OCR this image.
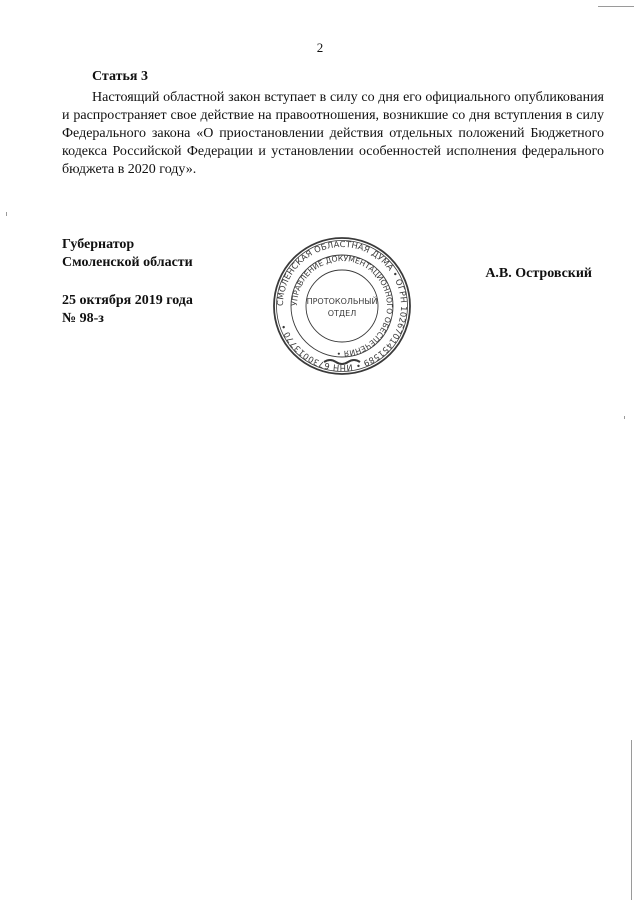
2
Статья 3

Настоящий областной закон вступает в силу со дня его официального опубликования и распространяет свое действие на правоотношения, возникшие со дня вступления в силу Федерального закона «О приостановлении действия отдельных положений Бюджетного кодекса Российской Федерации и установлении особенностей исполнения федерального бюджета в 2020 году».

Губернатор
Смоленской области
25 октября 2019 года
№ 98-з
А.В. Островский
СМОЛЕНСКАЯ ОБЛАСТНАЯ ДУМА • ОГРН 1026701451589 • ИНН 6730013770 •
УПРАВЛЕНИЕ ДОКУМЕНТАЦИОННОГО ОБЕСПЕЧЕНИЯ •
ПРОТОКОЛЬНЫЙ
ОТДЕЛ
